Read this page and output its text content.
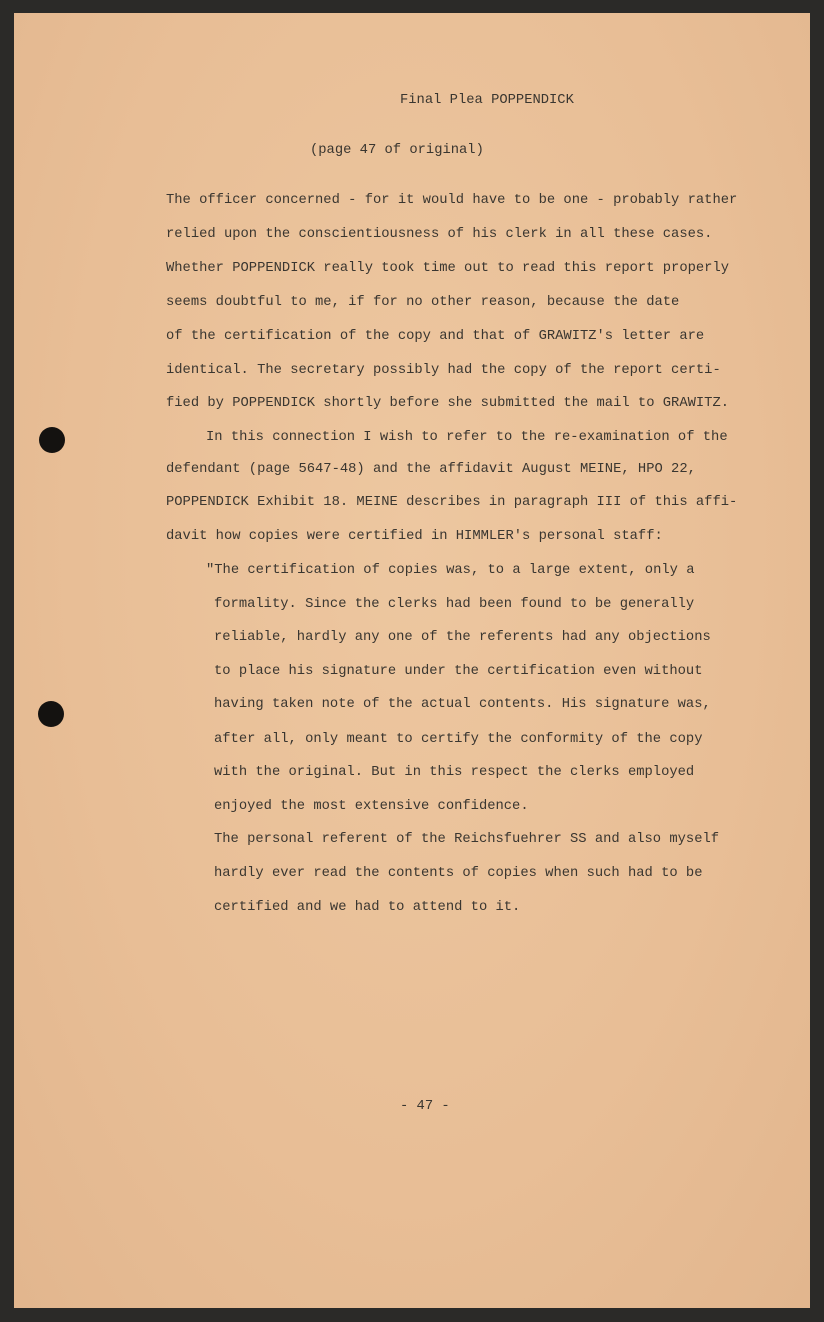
Final Plea POPPENDICK
(page 47 of original)
The officer concerned - for it would have to be one - probably rather
relied upon the conscientiousness of his clerk in all these cases.
Whether POPPENDICK really took time out to read this report properly
seems doubtful to me, if for no other reason, because the date
of the certification of the copy and that of GRAWITZ's letter are
identical. The secretary possibly had the copy of the report certi-
fied by POPPENDICK shortly before she submitted the mail to GRAWITZ.
In this connection I wish to refer to the re-examination of the
defendant (page 5647-48) and the affidavit August MEINE, HPO 22,
POPPENDICK Exhibit 18. MEINE describes in paragraph III of this affi-
davit how copies were certified in HIMMLER's personal staff:
"The certification of copies was, to a large extent, only a
formality. Since the clerks had been found to be generally
reliable, hardly any one of the referents had any objections
to place his signature under the certification even without
having taken note of the actual contents. His signature was,
after all, only meant to certify the conformity of the copy
with the original. But in this respect the clerks employed
enjoyed the most extensive confidence.
The personal referent of the Reichsfuehrer SS and also myself
hardly ever read the contents of copies when such had to be
certified and we had to attend to it.
- 47 -
